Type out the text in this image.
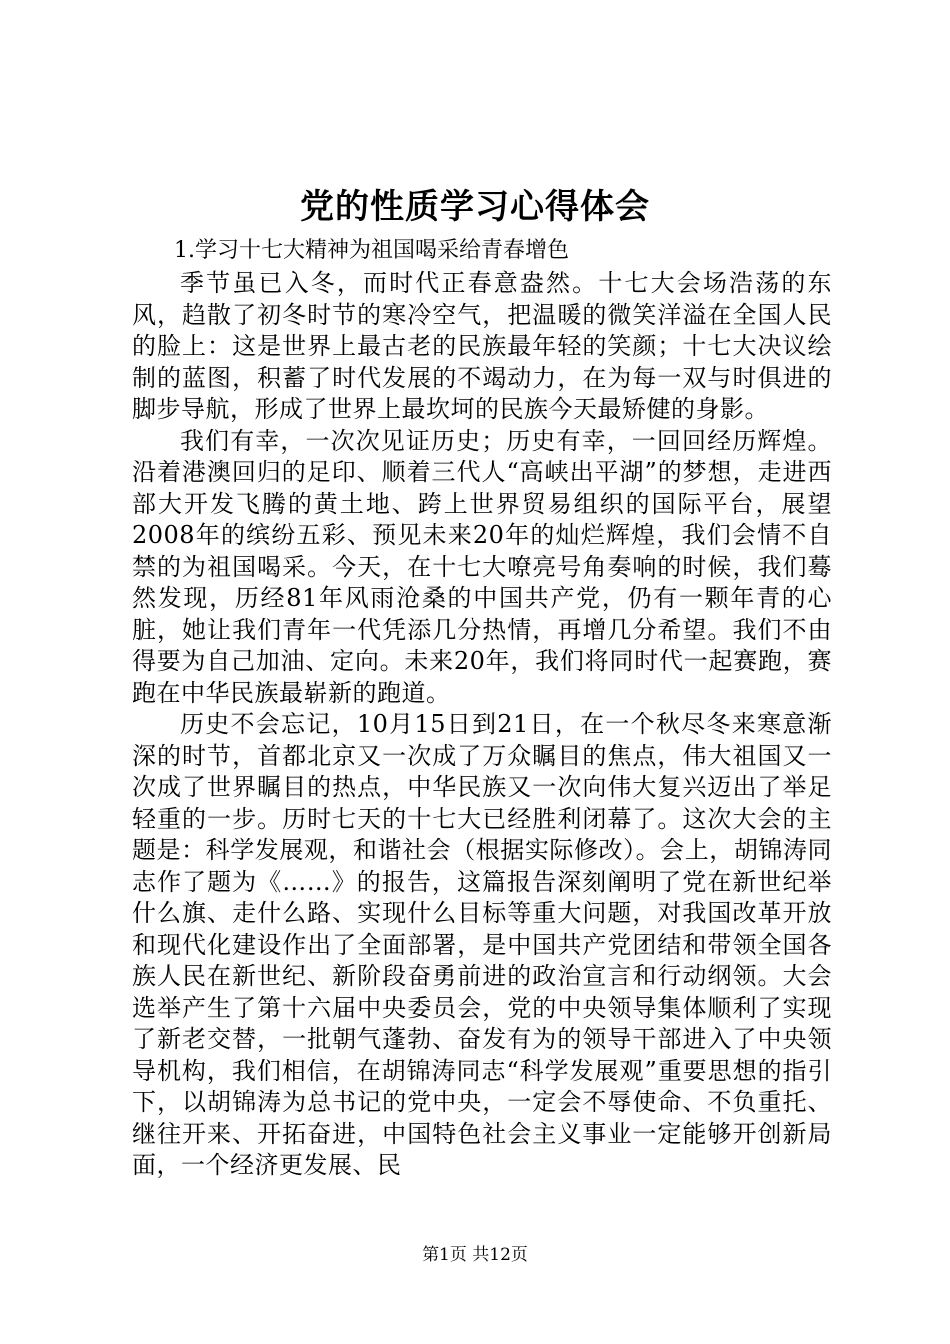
党的性质学习心得体会

1.学习十七大精神为祖国喝采给青春增色

季节虽已入冬，而时代正春意盎然。十七大会场浩荡的东风，趋散了初冬时节的寒冷空气，把温暖的微笑洋溢在全国人民的脸上：这是世界上最古老的民族最年轻的笑颜；十七大决议绘制的蓝图，积蓄了时代发展的不竭动力，在为每一双与时俱进的脚步导航，形成了世界上最坎坷的民族今天最矫健的身影。

我们有幸，一次次见证历史；历史有幸，一回回经历辉煌。沿着港澳回归的足印、顺着三代人“高峡出平湖”的梦想，走进西部大开发飞腾的黄土地、跨上世界贸易组织的国际平台，展望2008年的缤纷五彩、预见未来20年的灿烂辉煌，我们会情不自禁的为祖国喝采。今天，在十七大嘹亮号角奏响的时候，我们蓦然发现，历经81年风雨沧桑的中国共产党，仍有一颗年青的心脏，她让我们青年一代凭添几分热情，再增几分希望。我们不由得要为自己加油、定向。未来20年，我们将同时代一起赛跑，赛跑在中华民族最崭新的跑道。

历史不会忘记，10月15日到21日，在一个秋尽冬来寒意渐深的时节，首都北京又一次成了万众瞩目的焦点，伟大祖国又一次成了世界瞩目的热点，中华民族又一次向伟大复兴迈出了举足轻重的一步。历时七天的十七大已经胜利闭幕了。这次大会的主题是：科学发展观，和谐社会（根据实际修改）。会上，胡锦涛同志作了题为《……》的报告，这篇报告深刻阐明了党在新世纪举什么旗、走什么路、实现什么目标等重大问题，对我国改革开放和现代化建设作出了全面部署，是中国共产党团结和带领全国各族人民在新世纪、新阶段奋勇前进的政治宣言和行动纲领。大会选举产生了第十六届中央委员会，党的中央领导集体顺利了实现了新老交替，一批朝气蓬勃、奋发有为的领导干部进入了中央领导机构，我们相信，在胡锦涛同志“科学发展观”重要思想的指引下，以胡锦涛为总书记的党中央，一定会不辱使命、不负重托、继往开来、开拓奋进，中国特色社会主义事业一定能够开创新局面，一个经济更发展、民

第1页 共12页
